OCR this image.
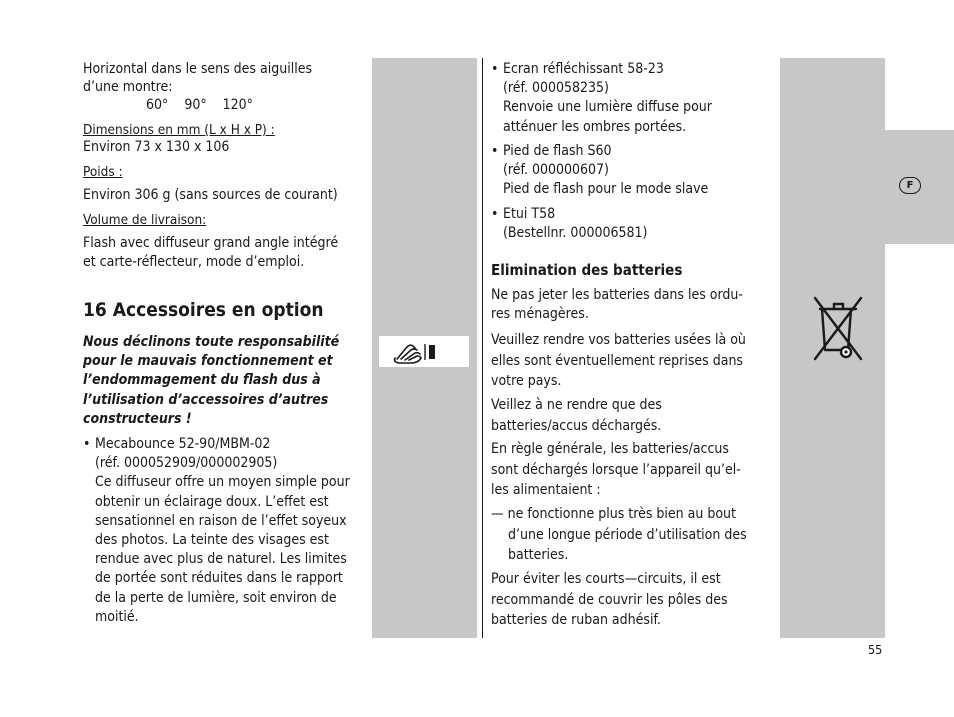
F
Horizontal dans le sens des aiguilles
d’une montre:
60°    90°    120°
Dimensions en mm (L x H x P) :
Environ 73 x 130 x 106
Poids :
Environ 306 g (sans sources de courant)
Volume de livraison:
Flash avec diffuseur grand angle intégré
et carte-réflecteur, mode d’emploi.
16 Accessoires en option
Nous déclinons toute responsabilité
pour le mauvais fonctionnement et
l’endommagement du flash dus à
l’utilisation d’accessoires d’autres
constructeurs !
• Mecabounce 52-90/MBM-02
(réf. 000052909/000002905)
Ce diffuseur offre un moyen simple pour
obtenir un éclairage doux. L’effet est
sensationnel en raison de l’effet soyeux
des photos. La teinte des visages est
rendue avec plus de naturel. Les limites
de portée sont réduites dans le rapport
de la perte de lumière, soit environ de
moitié.
• Ecran réfléchissant 58-23
(réf. 000058235)
Renvoie une lumière diffuse pour
atténuer les ombres portées.
• Pied de flash S60
(réf. 000000607)
Pied de flash pour le mode slave
• Etui T58
(Bestellnr. 000006581)
Elimination des batteries
Ne pas jeter les batteries dans les ordu-
res ménagères.
Veuillez rendre vos batteries usées là où
elles sont éventuellement reprises dans
votre pays.
Veillez à ne rendre que des
batteries/accus déchargés.
En règle générale, les batteries/accus
sont déchargés lorsque l’appareil qu’el-
les alimentaient :
— ne fonctionne plus très bien au bout
d’une longue période d’utilisation des
batteries.
Pour éviter les courts—circuits, il est
recommandé de couvrir les pôles des
batteries de ruban adhésif.
55
